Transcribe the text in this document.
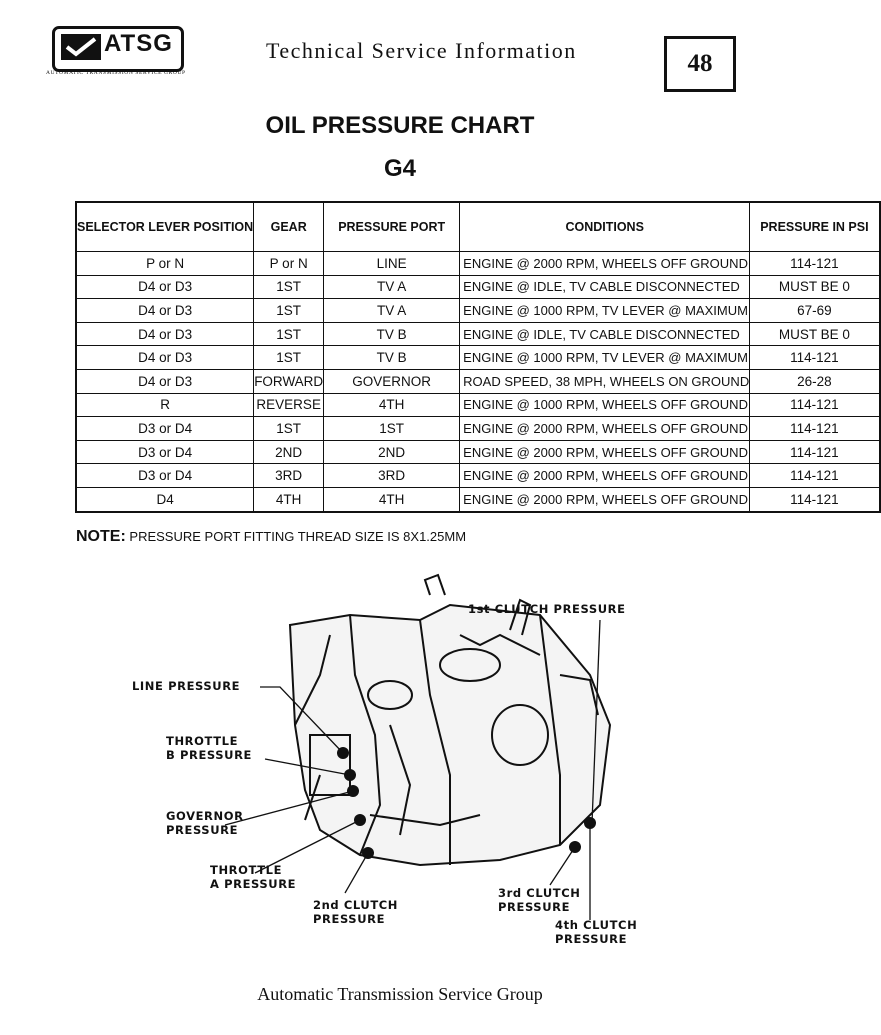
ATSG
AUTOMATIC TRANSMISSION SERVICE GROUP
Technical Service Information	48
OIL PRESSURE CHART
G4
SELECTOR LEVER POSITION	GEAR	PRESSURE PORT	CONDITIONS	PRESSURE IN PSI
P or N	P or N	LINE	ENGINE @ 2000 RPM, WHEELS OFF GROUND	114-121
D4 or D3	1ST	TV A	ENGINE @ IDLE, TV CABLE DISCONNECTED	MUST BE 0
D4 or D3	1ST	TV A	ENGINE @ 1000 RPM, TV LEVER @ MAXIMUM	67-69
D4 or D3	1ST	TV B	ENGINE @ IDLE, TV CABLE DISCONNECTED	MUST BE 0
D4 or D3	1ST	TV B	ENGINE @ 1000 RPM, TV LEVER @ MAXIMUM	114-121
D4 or D3	FORWARD	GOVERNOR	ROAD SPEED, 38 MPH, WHEELS ON GROUND	26-28
R	REVERSE	4TH	ENGINE @ 1000 RPM, WHEELS OFF GROUND	114-121
D3 or D4	1ST	1ST	ENGINE @ 2000 RPM, WHEELS OFF GROUND	114-121
D3 or D4	2ND	2ND	ENGINE @ 2000 RPM, WHEELS OFF GROUND	114-121
D3 or D4	3RD	3RD	ENGINE @ 2000 RPM, WHEELS OFF GROUND	114-121
D4	4TH	4TH	ENGINE @ 2000 RPM, WHEELS OFF GROUND	114-121
NOTE: PRESSURE PORT FITTING THREAD SIZE IS 8X1.25MM
1st CLUTCH PRESSURE
LINE PRESSURE
THROTTLE
B PRESSURE
GOVERNOR
PRESSURE
THROTTLE
A PRESSURE
2nd CLUTCH
PRESSURE
3rd CLUTCH
PRESSURE
4th CLUTCH
PRESSURE
Automatic Transmission Service Group
